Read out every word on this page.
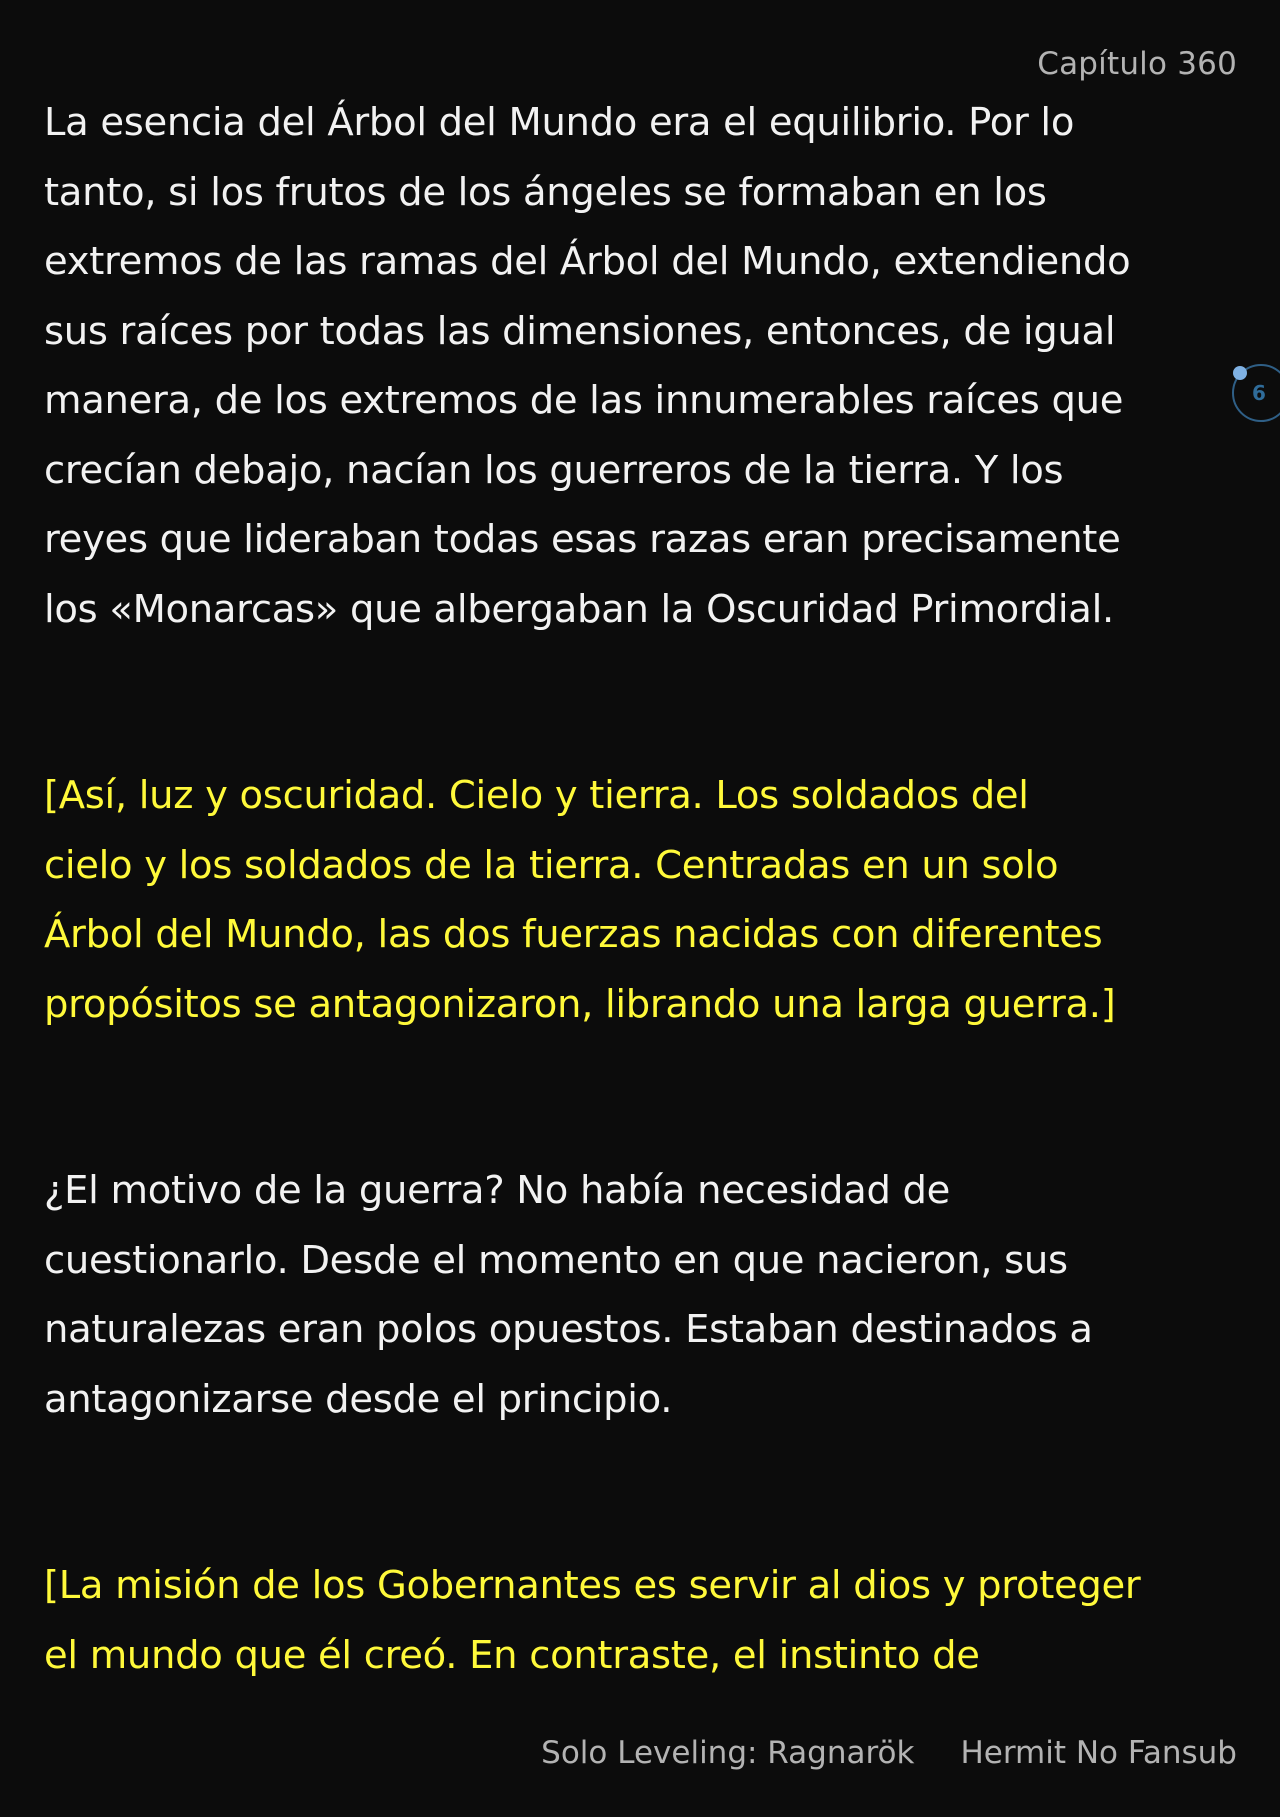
Capítulo 360

La esencia del Árbol del Mundo era el equilibrio. Por lo
tanto, si los frutos de los ángeles se formaban en los
extremos de las ramas del Árbol del Mundo, extendiendo
sus raíces por todas las dimensiones, entonces, de igual
manera, de los extremos de las innumerables raíces que
crecían debajo, nacían los guerreros de la tierra. Y los
reyes que lideraban todas esas razas eran precisamente
los «Monarcas» que albergaban la Oscuridad Primordial.

[Así, luz y oscuridad. Cielo y tierra. Los soldados del
cielo y los soldados de la tierra. Centradas en un solo
Árbol del Mundo, las dos fuerzas nacidas con diferentes
propósitos se antagonizaron, librando una larga guerra.]

¿El motivo de la guerra? No había necesidad de
cuestionarlo. Desde el momento en que nacieron, sus
naturalezas eran polos opuestos. Estaban destinados a
antagonizarse desde el principio.

[La misión de los Gobernantes es servir al dios y proteger
el mundo que él creó. En contraste, el instinto de

6
Solo Leveling: Ragnarök Hermit No Fansub
